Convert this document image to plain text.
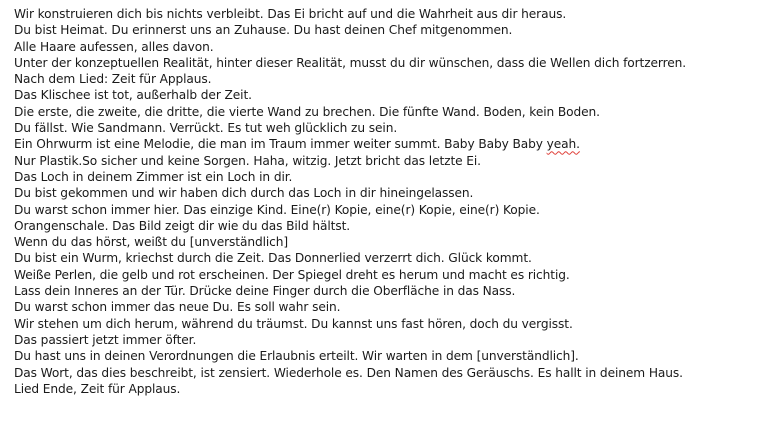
Wir konstruieren dich bis nichts verbleibt. Das Ei bricht auf und die Wahrheit aus dir heraus.
Du bist Heimat. Du erinnerst uns an Zuhause. Du hast deinen Chef mitgenommen.
Alle Haare aufessen, alles davon.
Unter der konzeptuellen Realität, hinter dieser Realität, musst du dir wünschen, dass die Wellen dich fortzerren.
Nach dem Lied: Zeit für Applaus.
Das Klischee ist tot, außerhalb der Zeit.
Die erste, die zweite, die dritte, die vierte Wand zu brechen. Die fünfte Wand. Boden, kein Boden.
Du fällst. Wie Sandmann. Verrückt. Es tut weh glücklich zu sein.
Ein Ohrwurm ist eine Melodie, die man im Traum immer weiter summt. Baby Baby Baby yeah.
Nur Plastik.So sicher und keine Sorgen. Haha, witzig. Jetzt bricht das letzte Ei.
Das Loch in deinem Zimmer ist ein Loch in dir.
Du bist gekommen und wir haben dich durch das Loch in dir hineingelassen.
Du warst schon immer hier. Das einzige Kind. Eine(r) Kopie, eine(r) Kopie, eine(r) Kopie.
Orangenschale. Das Bild zeigt dir wie du das Bild hältst.
Wenn du das hörst, weißt du [unverständlich]
Du bist ein Wurm, kriechst durch die Zeit. Das Donnerlied verzerrt dich. Glück kommt.
Weiße Perlen, die gelb und rot erscheinen. Der Spiegel dreht es herum und macht es richtig.
Lass dein Inneres an der Tür. Drücke deine Finger durch die Oberfläche in das Nass.
Du warst schon immer das neue Du. Es soll wahr sein.
Wir stehen um dich herum, während du träumst. Du kannst uns fast hören, doch du vergisst.
Das passiert jetzt immer öfter.
Du hast uns in deinen Verordnungen die Erlaubnis erteilt. Wir warten in dem [unverständlich].
Das Wort, das dies beschreibt, ist zensiert. Wiederhole es. Den Namen des Geräuschs. Es hallt in deinem Haus.
Lied Ende, Zeit für Applaus.
